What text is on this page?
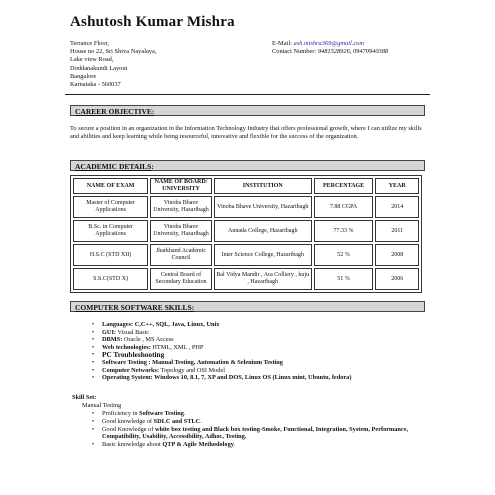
Ashutosh Kumar Mishra
Terrance Floor,
House no 22, Sri Shiva Nayalaya,
Lake view Road,
Doddanakundi Layout
Bangalore
Karnataka - 560037
E-Mail: ash.mishra369@gmail.com
Contact Number: 9481528926, 09470940388
CAREER OBJECTIVE:
To secure a position in an organization in the Information Technology Industry that offers professional growth, where I can utilize my skills and abilities and keep learning while being resourceful, innovative and flexible for the success of the organization.
ACADEMIC DETAILS:
NAME OF EXAM	NAME OF BOARD/ UNIVERSITY	INSTITUTION	PERCENTAGE	YEAR
Master of Computer Applications	Vinoba Bhave University, Hazaribagh	Vinoba Bhave University, Hazaribagh	7.88 CGPA	2014
B.Sc. in Computer Applications	Vinoba Bhave University, Hazaribagh	Annada College, Hazaribagh	77.33 %	2011
H.S.C (STD XII)	Jharkhand Academic Council	Inter Science College, Hazaribagh	52 %	2008
S.S.C(STD X)	Central Board of Secondary Education	Bal Vidya Mandir , Ara Colliery , kuju , Hazaribagh	51 %	2006
COMPUTER SOFTWARE SKILLS:
•	Languages: C,C++, SQL, Java, Linux, Unix
•	GUI: Visual Basic
•	DBMS: Oracle , MS Access
•	Web technologies: HTML, XML , PHP
•	PC Troubleshooting
•	Software Testing : Manual Testing, Automation & Selenium Testing
•	Computer Networks: Topology and OSI Model
•	Operating System: Windows 10, 8.1, 7, XP and DOS, Linux OS (Linux mint, Ubuntu, fedora)
Skill Set:
Manual Testing
•	Proficiency in Software Testing.
•	Good knowledge of SDLC and STLC.
•	Good Knowledge of white box testing and Black box testing-Smoke, Functional, Integration, System, Performance, Compatibility, Usability, Accessibility, Adhoc, Testing.
•	Basic knowledge about QTP & Agile Methodology.
